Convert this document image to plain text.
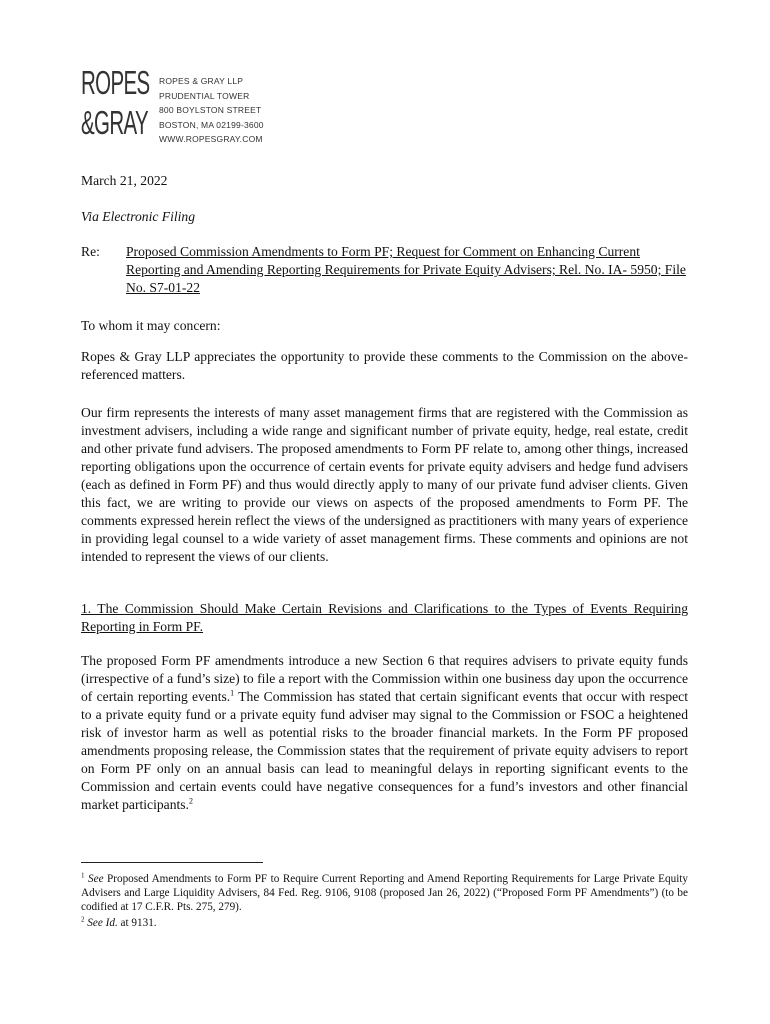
ROPES
&GRAY
ROPES & GRAY LLP
PRUDENTIAL TOWER
800 BOYLSTON STREET
BOSTON, MA 02199-3600
WWW.ROPESGRAY.COM

March 21, 2022

Via Electronic Filing

Re: Proposed Commission Amendments to Form PF; Request for Comment on Enhancing Current Reporting and Amending Reporting Requirements for Private Equity Advisers; Rel. No. IA- 5950; File No. S7-01-22

To whom it may concern:

Ropes & Gray LLP appreciates the opportunity to provide these comments to the Commission on the above-referenced matters.

Our firm represents the interests of many asset management firms that are registered with the Commission as investment advisers, including a wide range and significant number of private equity, hedge, real estate, credit and other private fund advisers. The proposed amendments to Form PF relate to, among other things, increased reporting obligations upon the occurrence of certain events for private equity advisers and hedge fund advisers (each as defined in Form PF) and thus would directly apply to many of our private fund adviser clients. Given this fact, we are writing to provide our views on aspects of the proposed amendments to Form PF. The comments expressed herein reflect the views of the undersigned as practitioners with many years of experience in providing legal counsel to a wide variety of asset management firms. These comments and opinions are not intended to represent the views of our clients.

1. The Commission Should Make Certain Revisions and Clarifications to the Types of Events Requiring Reporting in Form PF.

The proposed Form PF amendments introduce a new Section 6 that requires advisers to private equity funds (irrespective of a fund’s size) to file a report with the Commission within one business day upon the occurrence of certain reporting events.$^1$ The Commission has stated that certain significant events that occur with respect to a private equity fund or a private equity fund adviser may signal to the Commission or FSOC a heightened risk of investor harm as well as potential risks to the broader financial markets. In the Form PF proposed amendments proposing release, the Commission states that the requirement of private equity advisers to report on Form PF only on an annual basis can lead to meaningful delays in reporting significant events to the Commission and certain events could have negative consequences for a fund’s investors and other financial market participants.$^2$

$^1$ See Proposed Amendments to Form PF to Require Current Reporting and Amend Reporting Requirements for Large Private Equity Advisers and Large Liquidity Advisers, 84 Fed. Reg. 9106, 9108 (proposed Jan 26, 2022) (“Proposed Form PF Amendments”) (to be codified at 17 C.F.R. Pts. 275, 279).

$^2$ See Id. at 9131.
